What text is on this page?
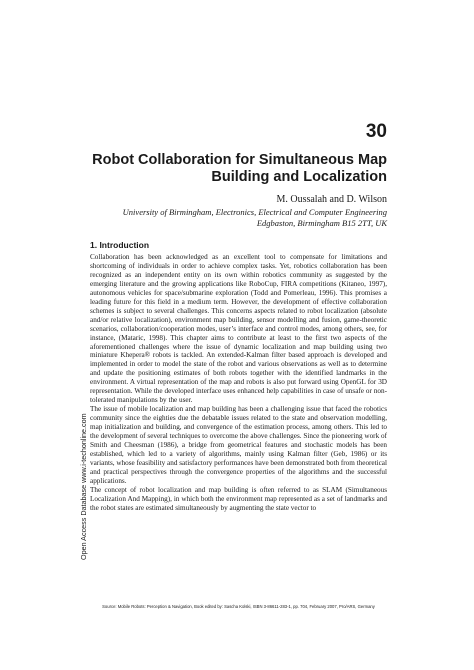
Open Access Database www.i-techonline.com
30
Robot Collaboration for Simultaneous Map
Building and Localization

M. Oussalah and D. Wilson

University of Birmingham, Electronics, Electrical and Computer Engineering
Edgbaston, Birmingham B15 2TT, UK

1. Introduction

Collaboration has been acknowledged as an excellent tool to compensate for limitations and shortcoming of individuals in order to achieve complex tasks. Yet, robotics collaboration has been recognized as an independent entity on its own within robotics community as suggested by the emerging literature and the growing applications like RoboCup, FIRA competitions (Kitaneo, 1997), autonomous vehicles for space/submarine exploration (Todd and Pomerleau, 1996). This promises a leading future for this field in a medium term. However, the development of effective collaboration schemes is subject to several challenges. This concerns aspects related to robot localization (absolute and/or relative localization), environment map building, sensor modelling and fusion, game-theoretic scenarios, collaboration/cooperation modes, user’s interface and control modes, among others, see, for instance, (Mataric, 1998). This chapter aims to contribute at least to the first two aspects of the aforementioned challenges where the issue of dynamic localization and map building using two miniature Khepera® robots is tackled. An extended-Kalman filter based approach is developed and implemented in order to model the state of the robot and various observations as well as to determine and update the positioning estimates of both robots together with the identified landmarks in the environment. A virtual representation of the map and robots is also put forward using OpenGL for 3D representation. While the developed interface uses enhanced help capabilities in case of unsafe or non-tolerated manipulations by the user.

The issue of mobile localization and map building has been a challenging issue that faced the robotics community since the eighties due the debatable issues related to the state and observation modelling, map initialization and building, and convergence of the estimation process, among others. This led to the development of several techniques to overcome the above challenges. Since the pioneering work of Smith and Cheesman (1986), a bridge from geometrical features and stochastic models has been established, which led to a variety of algorithms, mainly using Kalman filter (Geb, 1986) or its variants, whose feasibility and satisfactory performances have been demonstrated both from theoretical and practical perspectives through the convergence properties of the algorithms and the successful applications.

The concept of robot localization and map building is often referred to as SLAM (Simultaneous Localization And Mapping), in which both the environment map represented as a set of landmarks and the robot states are estimated simultaneously by augmenting the state vector to

Source: Mobile Robots: Perception & Navigation, Book edited by: Sascha Kolski, ISBN 3-86611-283-1, pp. 704, February 2007, Pro/ARS, Germany
